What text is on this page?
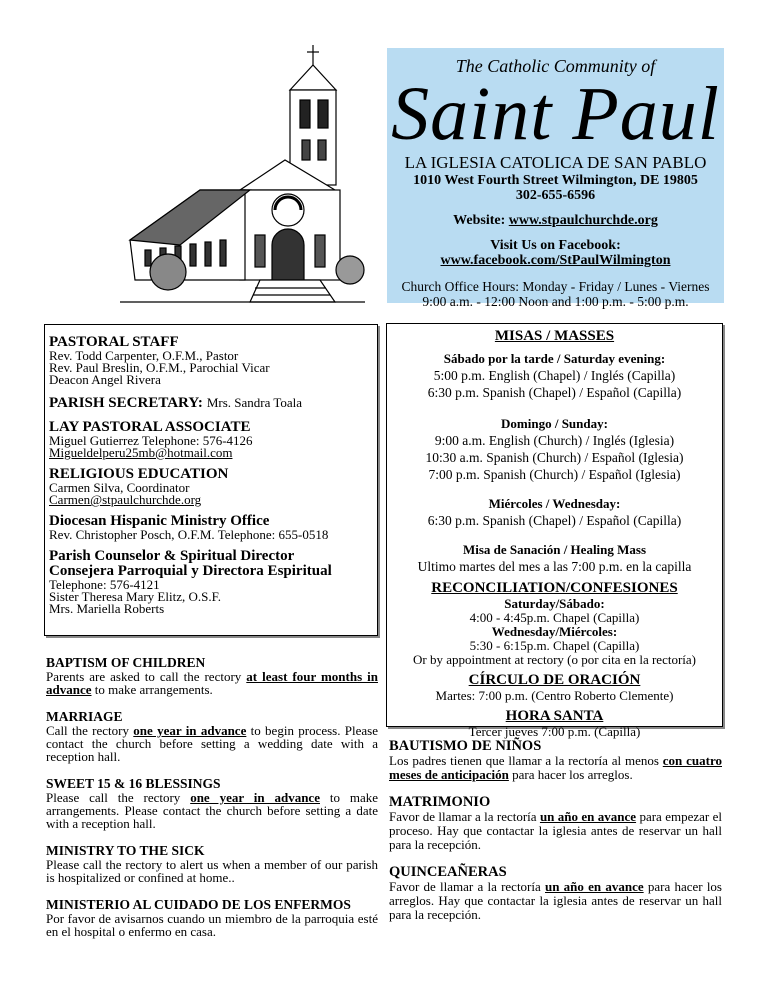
The Catholic Community of
Saint Paul
LA IGLESIA CATOLICA DE SAN PABLO
1010 West Fourth Street Wilmington, DE 19805
302-655-6596
Website: www.stpaulchurchde.org
Visit Us on Facebook:
www.facebook.com/StPaulWilmington
Church Office Hours: Monday - Friday / Lunes - Viernes
9:00 a.m. - 12:00 Noon and 1:00 p.m. - 5:00 p.m.
PASTORAL STAFF
Rev. Todd Carpenter, O.F.M., Pastor
Rev. Paul Breslin, O.F.M., Parochial Vicar
Deacon Angel Rivera
PARISH SECRETARY: Mrs. Sandra Toala
LAY PASTORAL ASSOCIATE
Miguel Gutierrez Telephone: 576-4126
Migueldelperu25mb@hotmail.com
RELIGIOUS EDUCATION
Carmen Silva, Coordinator
Carmen@stpaulchurchde.org
Diocesan Hispanic Ministry Office
Rev. Christopher Posch, O.F.M. Telephone: 655-0518
Parish Counselor & Spiritual Director
Consejera Parroquial y Directora Espiritual
Telephone: 576-4121
Sister Theresa Mary Elitz, O.S.F.
Mrs. Mariella Roberts
MISAS / MASSES
Sábado por la tarde / Saturday evening:
5:00 p.m. English (Chapel) / Inglés (Capilla)
6:30 p.m. Spanish (Chapel) / Español (Capilla)
Domingo / Sunday:
9:00 a.m. English (Church) / Inglés (Iglesia)
10:30 a.m. Spanish (Church) / Español (Iglesia)
7:00 p.m. Spanish (Church) / Español (Iglesia)
Miércoles / Wednesday:
6:30 p.m. Spanish (Chapel) / Español (Capilla)
Misa de Sanación / Healing Mass
Ultimo martes del mes a las 7:00 p.m. en la capilla
RECONCILIATION/CONFESIONES
Saturday/Sábado:
4:00 - 4:45p.m. Chapel (Capilla)
Wednesday/Miércoles:
5:30 - 6:15p.m. Chapel (Capilla)
Or by appointment at rectory (o por cita en la rectoría)
CÍRCULO DE ORACIÓN
Martes: 7:00 p.m. (Centro Roberto Clemente)
HORA SANTA
Tercer jueves 7:00 p.m. (Capilla)
BAPTISM OF CHILDREN
Parents are asked to call the rectory at least four months in advance to make arrangements.
MARRIAGE
Call the rectory one year in advance to begin process. Please contact the church before setting a wedding date with a reception hall.
SWEET 15 & 16 BLESSINGS
Please call the rectory one year in advance to make arrangements. Please contact the church before setting a date with a reception hall.
MINISTRY TO THE SICK
Please call the rectory to alert us when a member of our parish is hospitalized or confined at home..
MINISTERIO AL CUIDADO DE LOS ENFERMOS
Por favor de avisarnos cuando un miembro de la parroquia esté en el hospital o enfermo en casa.
BAUTISMO DE NIÑOS
Los padres tienen que llamar a la rectoría al menos con cuatro meses de anticipación para hacer los arreglos.
MATRIMONIO
Favor de llamar a la rectoría un año en avance para empezar el proceso. Hay que contactar la iglesia antes de reservar un hall para la recepción.
QUINCEAÑERAS
Favor de llamar a la rectoría un año en avance para hacer los arreglos. Hay que contactar la iglesia antes de reservar un hall para la recepción.
